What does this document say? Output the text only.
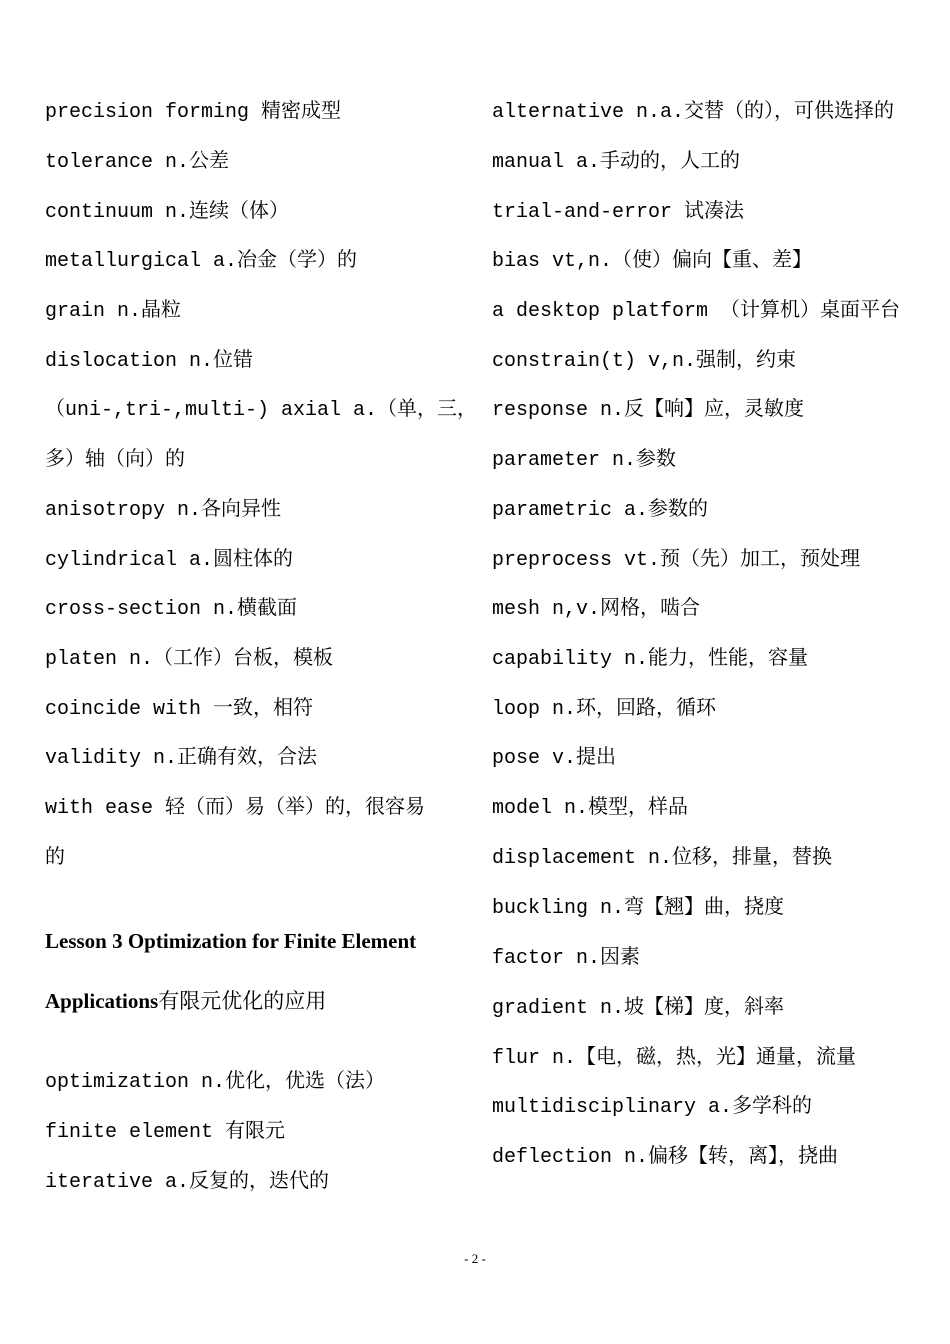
precision forming 精密成型
tolerance n.公差
continuum n.连续（体）
metallurgical a.冶金（学）的
grain n.晶粒
dislocation n.位错
（uni-,tri-,multi-) axial a.（单，三，
多）轴（向）的
anisotropy n.各向异性
cylindrical a.圆柱体的
cross-section n.横截面
platen n.（工作）台板，模板
coincide with 一致，相符
validity n.正确有效，合法
with ease 轻（而）易（举）的，很容易
的
Lesson 3 Optimization for Finite Element
Applications有限元优化的应用
optimization n.优化，优选（法）
finite element 有限元
iterative a.反复的，迭代的
alternative n.a.交替（的），可供选择的
manual a.手动的，人工的
trial-and-error 试凑法
bias vt,n.（使）偏向【重、差】
a desktop platform （计算机）桌面平台
constrain(t) v,n.强制，约束
response n.反【响】应，灵敏度
parameter n.参数
parametric a.参数的
preprocess vt.预（先）加工，预处理
mesh n,v.网格，啮合
capability n.能力，性能，容量
loop n.环，回路，循环
pose v.提出
model n.模型，样品
displacement n.位移，排量，替换
buckling n.弯【翘】曲，挠度
factor n.因素
gradient n.坡【梯】度，斜率
flur n.【电，磁，热，光】通量，流量
multidisciplinary a.多学科的
deflection n.偏移【转，离】，挠曲
- 2 -
